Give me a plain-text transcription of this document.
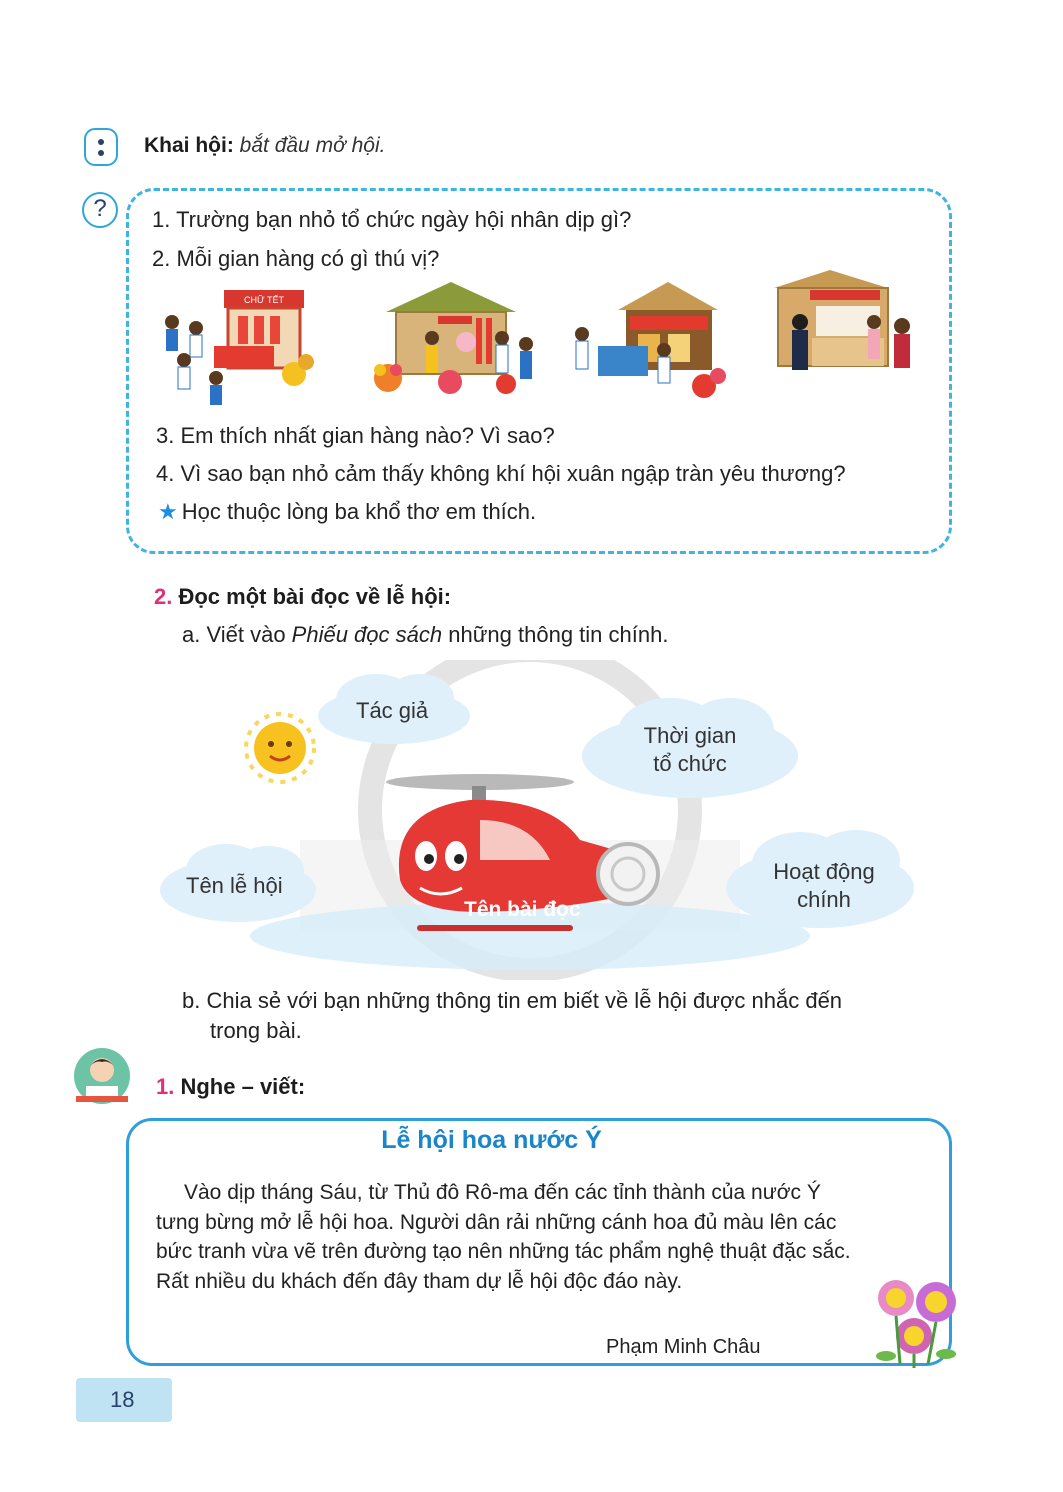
Khai hội: bắt đầu mở hội.
?	1. Trường bạn nhỏ tổ chức ngày hội nhân dịp gì?
2. Mỗi gian hàng có gì thú vị?
CHỮ TẾT
3. Em thích nhất gian hàng nào? Vì sao?
4. Vì sao bạn nhỏ cảm thấy không khí hội xuân ngập tràn yêu thương?
★ Học thuộc lòng ba khổ thơ em thích.
2. Đọc một bài đọc về lễ hội:
a. Viết vào Phiếu đọc sách những thông tin chính.
Tác giả
Thời gian
tổ chức
Tên lễ hội
Hoạt động
chính
Tên bài đọc
b. Chia sẻ với bạn những thông tin em biết về lễ hội được nhắc đến
trong bài.
1. Nghe – viết:
Lễ hội hoa nước Ý
Vào dịp tháng Sáu, từ Thủ đô Rô-ma đến các tỉnh thành của nước Ý tưng bừng mở lễ hội hoa. Người dân rải những cánh hoa đủ màu lên các bức tranh vừa vẽ trên đường tạo nên những tác phẩm nghệ thuật đặc sắc. Rất nhiều du khách đến đây tham dự lễ hội độc đáo này.
Phạm Minh Châu
18
